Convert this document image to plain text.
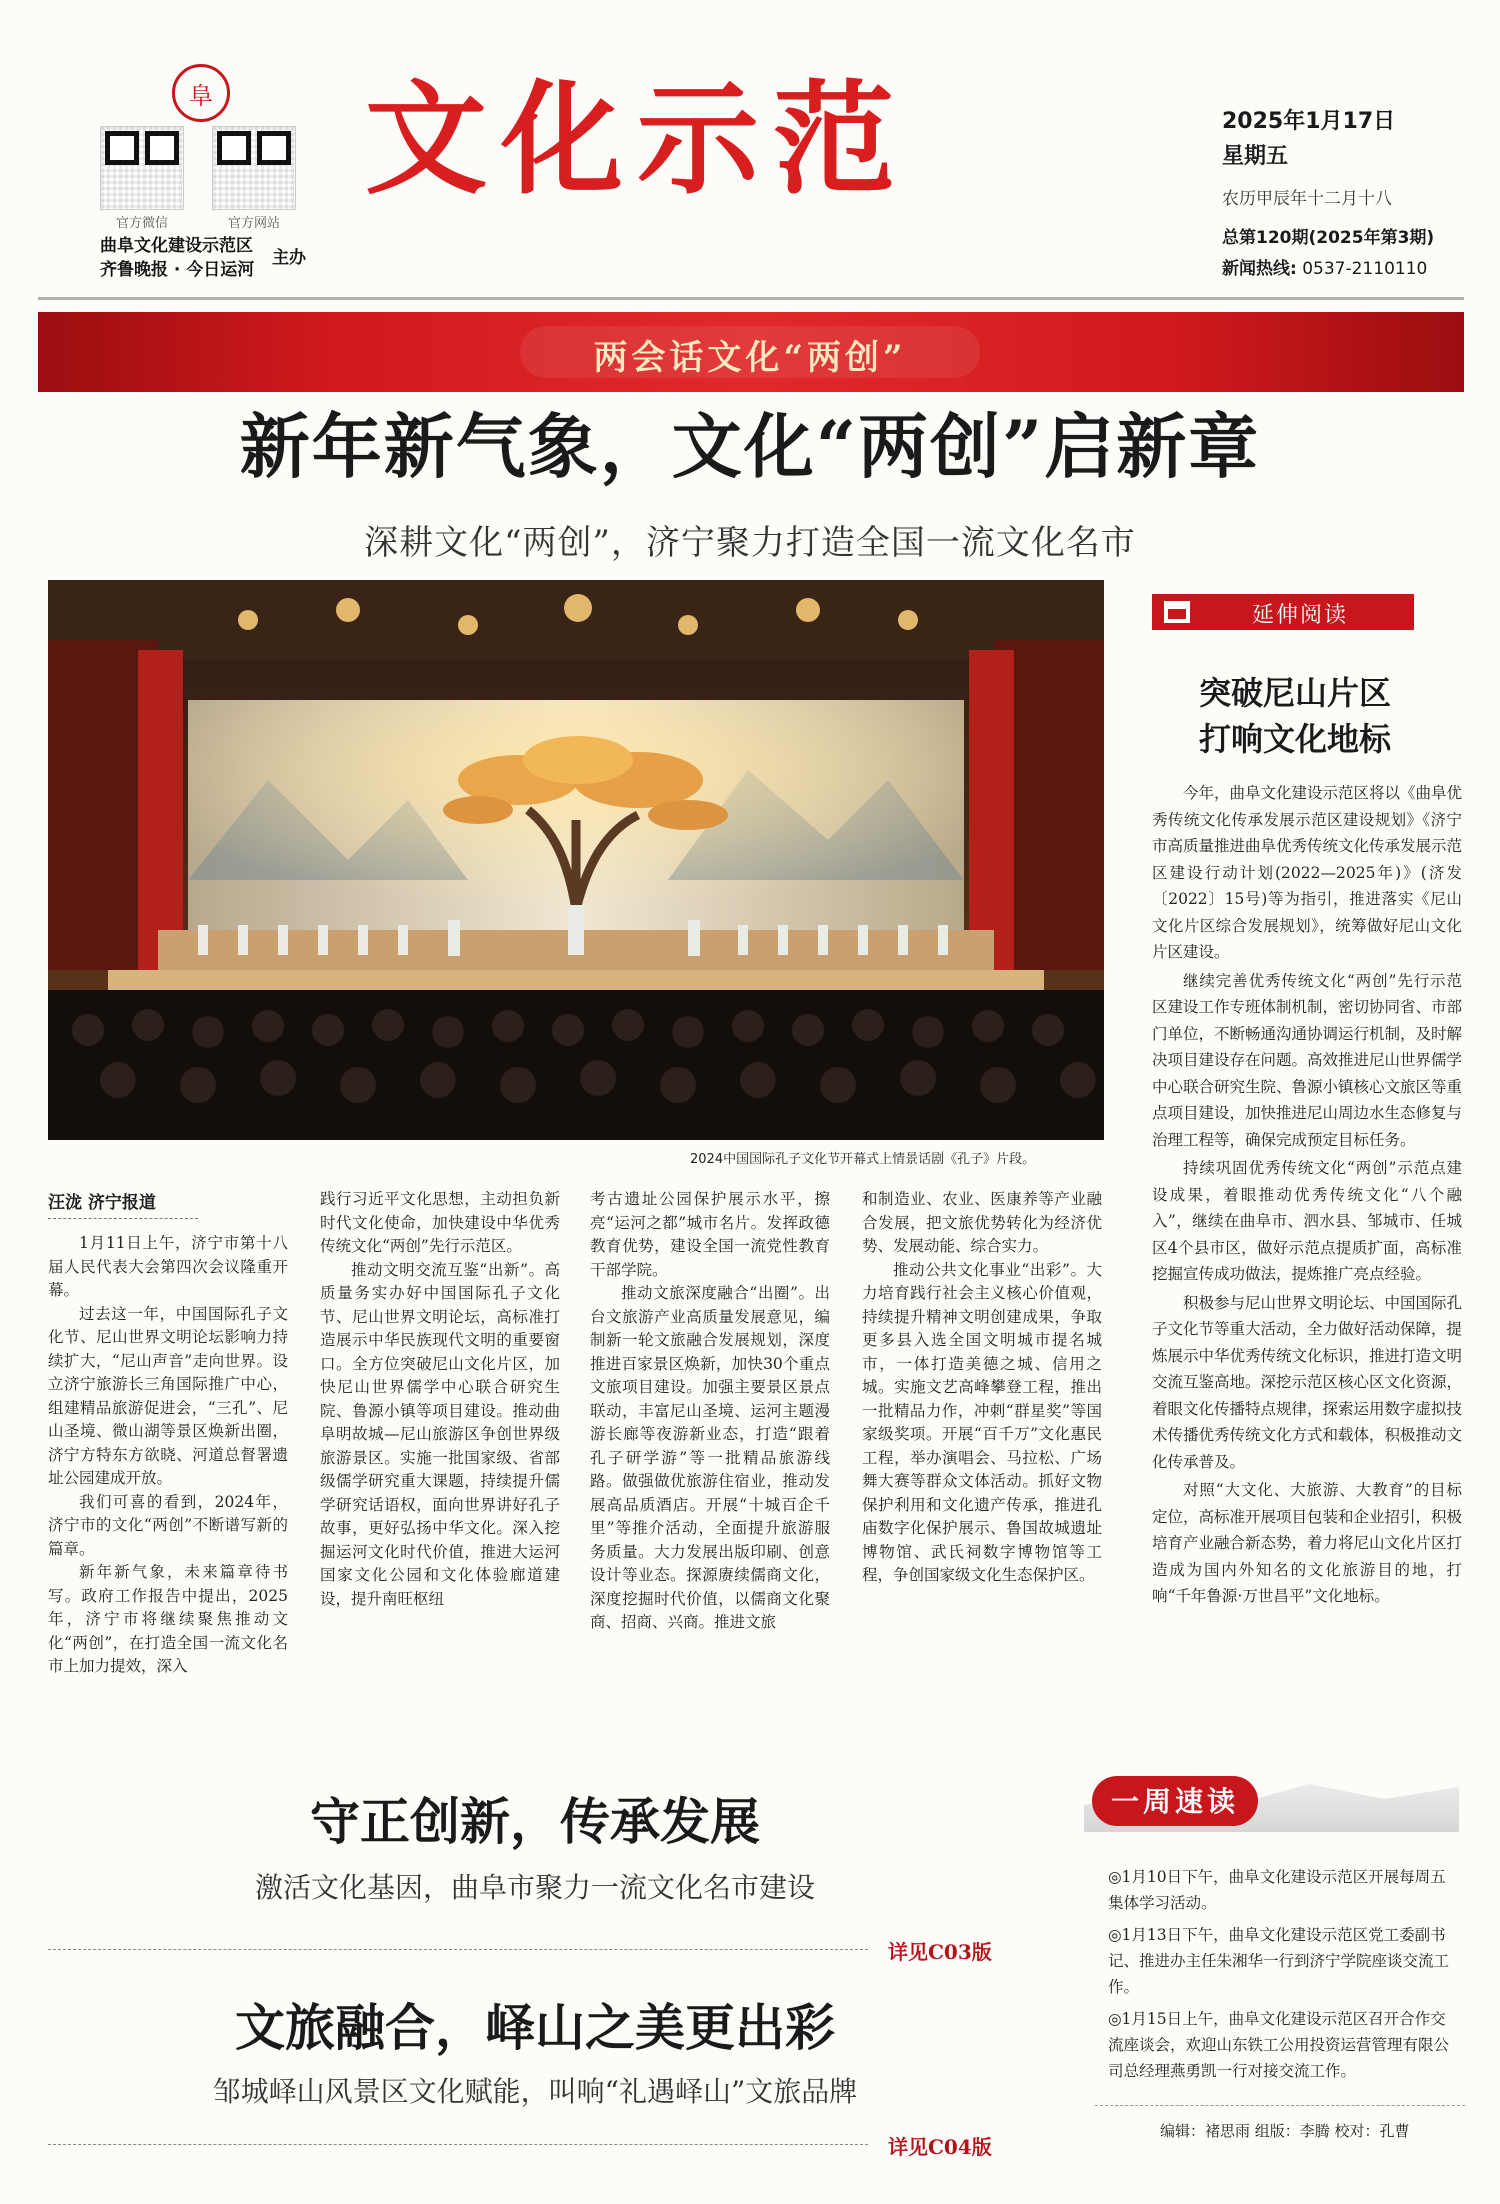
阜
官方微信	官方网站
曲阜文化建设示范区
齐鲁晚报 · 今日运河
主办
文化示范	2025年1月17日
星期五
农历甲辰年十二月十八
总第120期(2025年第3期)
新闻热线: 0537-2110110
两会话文化“两创”
新年新气象，文化“两创”启新章
深耕文化“两创”，济宁聚力打造全国一流文化名市
2024中国国际孔子文化节开幕式上情景话剧《孔子》片段。
延伸阅读
突破尼山片区
打响文化地标

今年，曲阜文化建设示范区将以《曲阜优秀传统文化传承发展示范区建设规划》《济宁市高质量推进曲阜优秀传统文化传承发展示范区建设行动计划(2022—2025年)》(济发〔2022〕15号)等为指引，推进落实《尼山文化片区综合发展规划》，统筹做好尼山文化片区建设。

继续完善优秀传统文化“两创”先行示范区建设工作专班体制机制，密切协同省、市部门单位，不断畅通沟通协调运行机制，及时解决项目建设存在问题。高效推进尼山世界儒学中心联合研究生院、鲁源小镇核心文旅区等重点项目建设，加快推进尼山周边水生态修复与治理工程等，确保完成预定目标任务。

持续巩固优秀传统文化“两创”示范点建设成果，着眼推动优秀传统文化“八个融入”，继续在曲阜市、泗水县、邹城市、任城区4个县市区，做好示范点提质扩面，高标准挖掘宣传成功做法，提炼推广亮点经验。

积极参与尼山世界文明论坛、中国国际孔子文化节等重大活动，全力做好活动保障，提炼展示中华优秀传统文化标识，推进打造文明交流互鉴高地。深挖示范区核心区文化资源，着眼文化传播特点规律，探索运用数字虚拟技术传播优秀传统文化方式和载体，积极推动文化传承普及。

对照“大文化、大旅游、大教育”的目标定位，高标准开展项目包装和企业招引，积极培育产业融合新态势，着力将尼山文化片区打造成为国内外知名的文化旅游目的地，打响“千年鲁源·万世昌平”文化地标。

汪泷 济宁报道

1月11日上午，济宁市第十八届人民代表大会第四次会议隆重开幕。

过去这一年，中国国际孔子文化节、尼山世界文明论坛影响力持续扩大，“尼山声音”走向世界。设立济宁旅游长三角国际推广中心，组建精品旅游促进会，“三孔”、尼山圣境、微山湖等景区焕新出圈，济宁方特东方欲晓、河道总督署遗址公园建成开放。

我们可喜的看到，2024年，济宁市的文化“两创”不断谱写新的篇章。

新年新气象，未来篇章待书写。政府工作报告中提出，2025年，济宁市将继续聚焦推动文化“两创”，在打造全国一流文化名市上加力提效，深入

践行习近平文化思想，主动担负新时代文化使命，加快建设中华优秀传统文化“两创”先行示范区。

推动文明交流互鉴“出新”。高质量务实办好中国国际孔子文化节、尼山世界文明论坛，高标准打造展示中华民族现代文明的重要窗口。全方位突破尼山文化片区，加快尼山世界儒学中心联合研究生院、鲁源小镇等项目建设。推动曲阜明故城—尼山旅游区争创世界级旅游景区。实施一批国家级、省部级儒学研究重大课题，持续提升儒学研究话语权，面向世界讲好孔子故事，更好弘扬中华文化。深入挖掘运河文化时代价值，推进大运河国家文化公园和文化体验廊道建设，提升南旺枢纽

考古遗址公园保护展示水平，擦亮“运河之都”城市名片。发挥政德教育优势，建设全国一流党性教育干部学院。

推动文旅深度融合“出圈”。出台文旅游产业高质量发展意见，编制新一轮文旅融合发展规划，深度推进百家景区焕新，加快30个重点文旅项目建设。加强主要景区景点联动，丰富尼山圣境、运河主题漫游长廊等夜游新业态，打造“跟着孔子研学游”等一批精品旅游线路。做强做优旅游住宿业，推动发展高品质酒店。开展“十城百企千里”等推介活动，全面提升旅游服务质量。大力发展出版印刷、创意设计等业态。探源赓续儒商文化，深度挖掘时代价值，以儒商文化聚商、招商、兴商。推进文旅

和制造业、农业、医康养等产业融合发展，把文旅优势转化为经济优势、发展动能、综合实力。

推动公共文化事业“出彩”。大力培育践行社会主义核心价值观，持续提升精神文明创建成果，争取更多县入选全国文明城市提名城市，一体打造美德之城、信用之城。实施文艺高峰攀登工程，推出一批精品力作，冲刺“群星奖”等国家级奖项。开展“百千万”文化惠民工程，举办演唱会、马拉松、广场舞大赛等群众文体活动。抓好文物保护利用和文化遗产传承，推进孔庙数字化保护展示、鲁国故城遗址博物馆、武氏祠数字博物馆等工程，争创国家级文化生态保护区。

守正创新，传承发展
激活文化基因，曲阜市聚力一流文化名市建设
详见C03版
文旅融合，峄山之美更出彩
邹城峄山风景区文化赋能，叫响“礼遇峄山”文旅品牌
详见C04版
一周速读
◎1月10日下午，曲阜文化建设示范区开展每周五集体学习活动。
◎1月13日下午，曲阜文化建设示范区党工委副书记、推进办主任朱湘华一行到济宁学院座谈交流工作。
◎1月15日上午，曲阜文化建设示范区召开合作交流座谈会，欢迎山东铁工公用投资运营管理有限公司总经理燕勇凯一行对接交流工作。
编辑：褚思雨 组版：李腾 校对：孔曹
